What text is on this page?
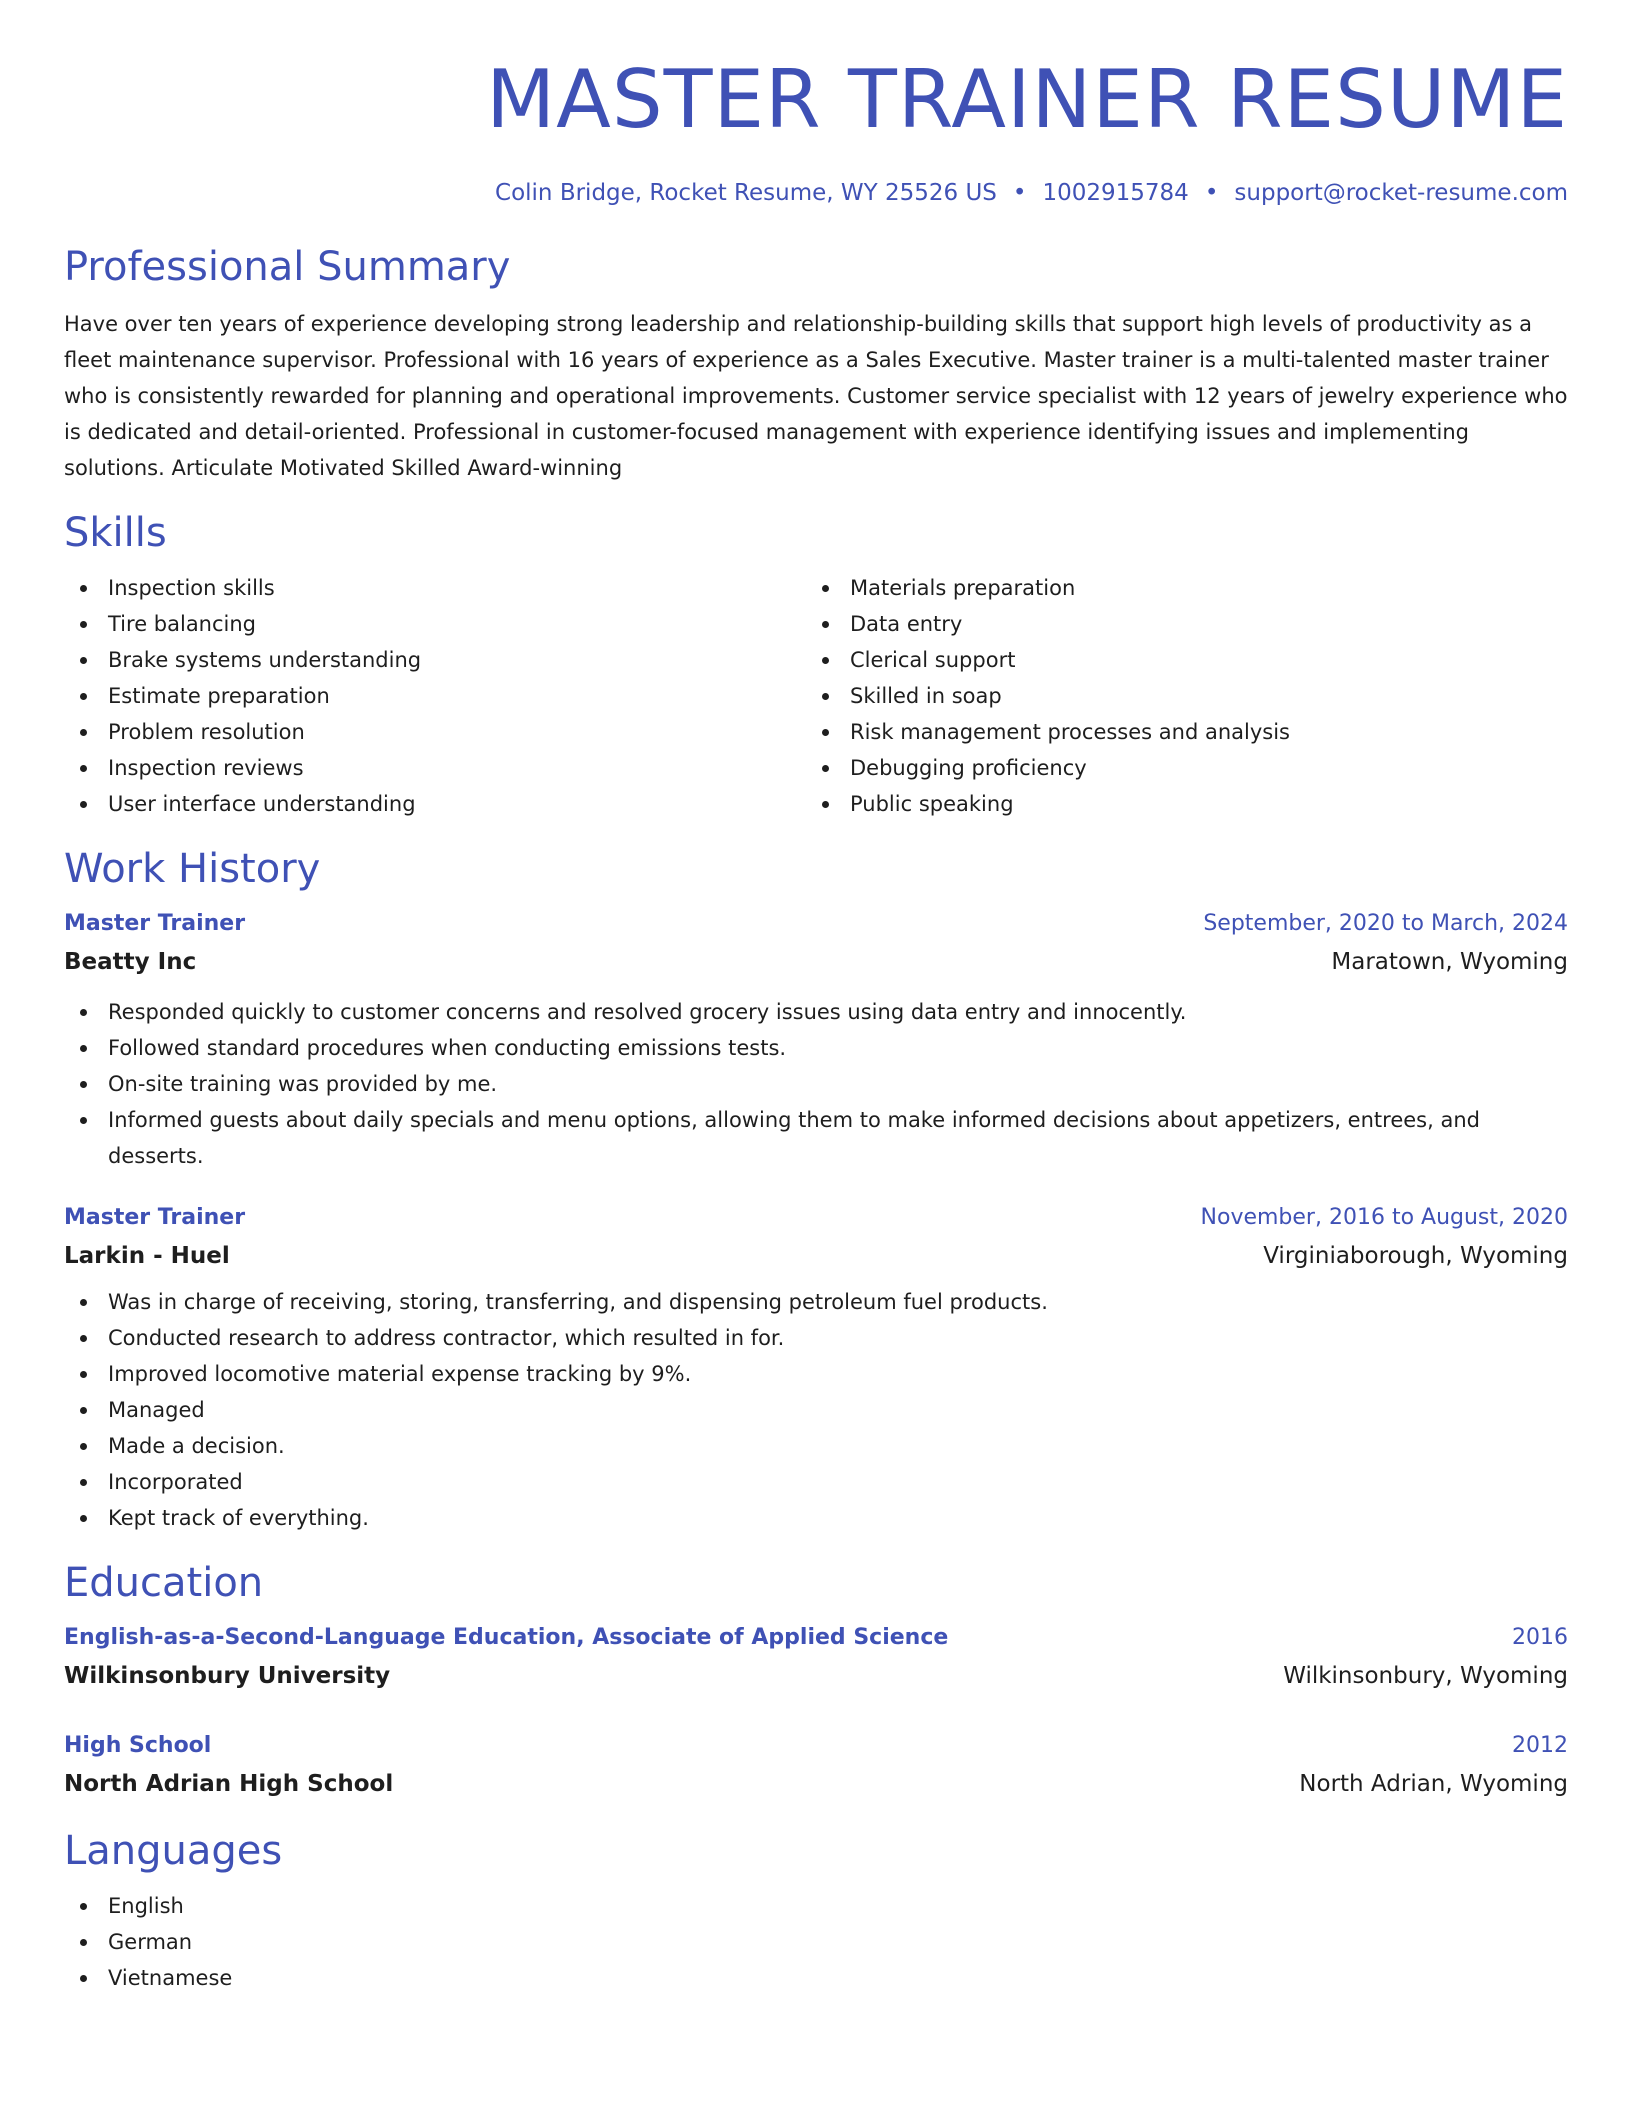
MASTER TRAINER RESUME
Colin Bridge, Rocket Resume, WY 25526 US • 1002915784 • support@rocket-resume.com
Professional Summary

Have over ten years of experience developing strong leadership and relationship-building skills that support high levels of productivity as a fleet maintenance supervisor. Professional with 16 years of experience as a Sales Executive. Master trainer is a multi-talented master trainer who is consistently rewarded for planning and operational improvements. Customer service specialist with 12 years of jewelry experience who is dedicated and detail-oriented. Professional in customer-focused management with experience identifying issues and implementing solutions. Articulate Motivated Skilled Award-winning

Skills
Inspection skills
Tire balancing
Brake systems understanding
Estimate preparation
Problem resolution
Inspection reviews
User interface understanding
Materials preparation
Data entry
Clerical support
Skilled in soap
Risk management processes and analysis
Debugging proficiency
Public speaking
Work History
Master Trainer	September, 2020 to March, 2024
Beatty Inc	Maratown, Wyoming
Responded quickly to customer concerns and resolved grocery issues using data entry and innocently.
Followed standard procedures when conducting emissions tests.
On-site training was provided by me.
Informed guests about daily specials and menu options, allowing them to make informed decisions about appetizers, entrees, and desserts.
Master Trainer	November, 2016 to August, 2020
Larkin - Huel	Virginiaborough, Wyoming
Was in charge of receiving, storing, transferring, and dispensing petroleum fuel products.
Conducted research to address contractor, which resulted in for.
Improved locomotive material expense tracking by 9%.
Managed
Made a decision.
Incorporated
Kept track of everything.
Education
English-as-a-Second-Language Education, Associate of Applied Science	2016
Wilkinsonbury University	Wilkinsonbury, Wyoming
High School	2012
North Adrian High School	North Adrian, Wyoming
Languages
English
German
Vietnamese
